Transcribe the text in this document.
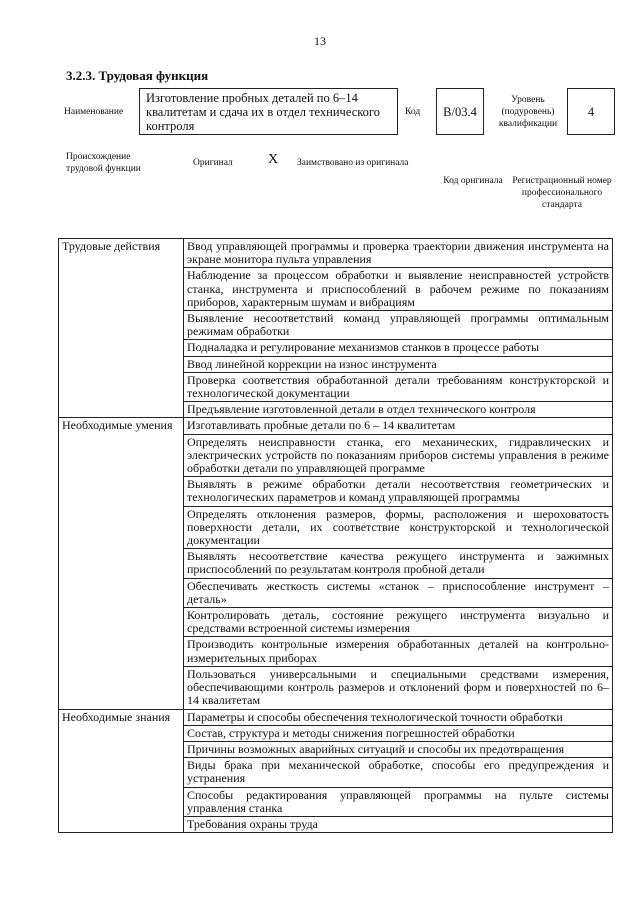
13
3.2.3. Трудовая функция
Наименование
Изготовление пробных деталей по 6–14 квалитетам и сдача их в отдел технического контроля
Код	B/03.4
Уровень (подуровень) квалификации
4
Происхождение трудовой функции
Оригинал	X Заимствовано из оригинала
Код оригинала	Регистрационный номер профессионального стандарта
Трудовые действия	Ввод управляющей программы и проверка траектории движения инструмента на экране монитора пульта управления
	Наблюдение за процессом обработки и выявление неисправностей устройств станка, инструмента и приспособлений в рабочем режиме по показаниям приборов, характерным шумам и вибрациям
	Выявление несоответствий команд управляющей программы оптимальным режимам обработки
	Подналадка и регулирование механизмов станков в процессе работы
	Ввод линейной коррекции на износ инструмента
	Проверка соответствия обработанной детали требованиям конструкторской и технологической документации
	Предъявление изготовленной детали в отдел технического контроля
Необходимые умения	Изготавливать пробные детали по 6 – 14 квалитетам
	Определять неисправности станка, его механических, гидравлических и электрических устройств по показаниям приборов системы управления в режиме обработки детали по управляющей программе
	Выявлять в режиме обработки детали несоответствия геометрических и технологических параметров и команд управляющей программы
	Определять отклонения размеров, формы, расположения и шероховатость поверхности детали, их соответствие конструкторской и технологической документации
	Выявлять несоответствие качества режущего инструмента и зажимных приспособлений по результатам контроля пробной детали
	Обеспечивать жесткость системы «станок – приспособление инструмент – деталь»
	Контролировать деталь, состояние режущего инструмента визуально и средствами встроенной системы измерения
	Производить контрольные измерения обработанных деталей на контрольно-измерительных приборах
	Пользоваться универсальными и специальными средствами измерения, обеспечивающими контроль размеров и отклонений форм и поверхностей по 6–14 квалитетам
Необходимые знания	Параметры и способы обеспечения технологической точности обработки
	Состав, структура и методы снижения погрешностей обработки
	Причины возможных аварийных ситуаций и способы их предотвращения
	Виды брака при механической обработке, способы его предупреждения и устранения
	Способы редактирования управляющей программы на пульте системы управления станка
	Требования охраны труда
